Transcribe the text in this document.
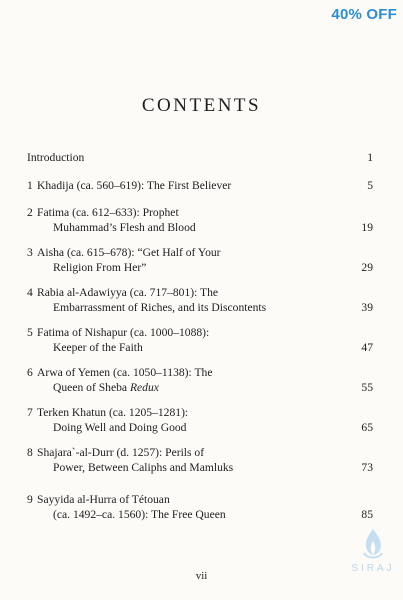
40% OFF
CONTENTS
Introduction	1
1 Khadija (ca. 560–619): The First Believer	5
2 Fatima (ca. 612–633): Prophet
Muhammad’s Flesh and Blood	19
3 Aisha (ca. 615–678): “Get Half of Your
Religion From Her”	29
4 Rabia al-Adawiyya (ca. 717–801): The
Embarrassment of Riches, and its Discontents	39
5 Fatima of Nishapur (ca. 1000–1088):
Keeper of the Faith	47
6 Arwa of Yemen (ca. 1050–1138): The
Queen of Sheba Redux	55
7 Terken Khatun (ca. 1205–1281):
Doing Well and Doing Good	65
8 Shajara`-al-Durr (d. 1257): Perils of
Power, Between Caliphs and Mamluks	73
9 Sayyida al-Hurra of Tétouan
(ca. 1492–ca. 1560): The Free Queen	85
vii
SIRAJ
